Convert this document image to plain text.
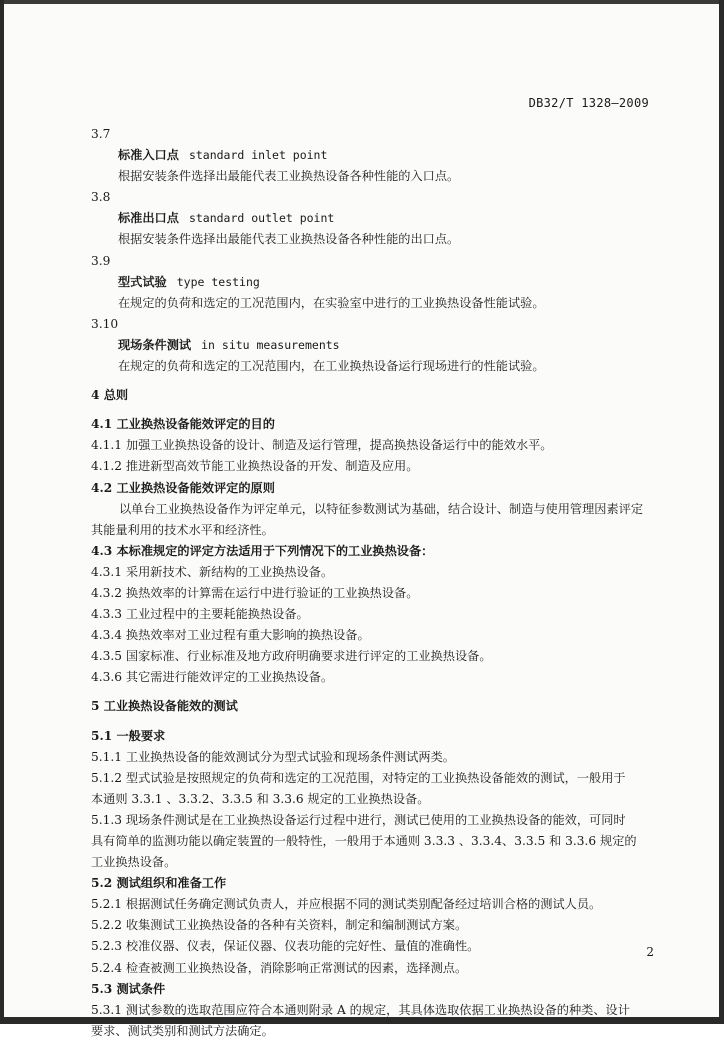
DB32/T 1328—2009
3.7
标准入口点 standard inlet point
根据安装条件选择出最能代表工业换热设备各种性能的入口点。
3.8
标准出口点 standard outlet point
根据安装条件选择出最能代表工业换热设备各种性能的出口点。
3.9
型式试验 type testing
在规定的负荷和选定的工况范围内，在实验室中进行的工业换热设备性能试验。
3.10
现场条件测试 in situ measurements
在规定的负荷和选定的工况范围内，在工业换热设备运行现场进行的性能试验。
4 总则
4.1 工业换热设备能效评定的目的
4.1.1 加强工业换热设备的设计、制造及运行管理，提高换热设备运行中的能效水平。
4.1.2 推进新型高效节能工业换热设备的开发、制造及应用。
4.2 工业换热设备能效评定的原则
以单台工业换热设备作为评定单元，以特征参数测试为基础，结合设计、制造与使用管理因素评定
其能量利用的技术水平和经济性。
4.3 本标准规定的评定方法适用于下列情况下的工业换热设备：
4.3.1 采用新技术、新结构的工业换热设备。
4.3.2 换热效率的计算需在运行中进行验证的工业换热设备。
4.3.3 工业过程中的主要耗能换热设备。
4.3.4 换热效率对工业过程有重大影响的换热设备。
4.3.5 国家标准、行业标准及地方政府明确要求进行评定的工业换热设备。
4.3.6 其它需进行能效评定的工业换热设备。
5 工业换热设备能效的测试
5.1 一般要求
5.1.1 工业换热设备的能效测试分为型式试验和现场条件测试两类。
5.1.2 型式试验是按照规定的负荷和选定的工况范围，对特定的工业换热设备能效的测试，一般用于
本通则 3.3.1 、3.3.2、3.3.5 和 3.3.6 规定的工业换热设备。
5.1.3 现场条件测试是在工业换热设备运行过程中进行，测试已使用的工业换热设备的能效，可同时
具有简单的监测功能以确定装置的一般特性，一般用于本通则 3.3.3 、3.3.4、3.3.5 和 3.3.6 规定的
工业换热设备。
5.2 测试组织和准备工作
5.2.1 根据测试任务确定测试负责人，并应根据不同的测试类别配备经过培训合格的测试人员。
5.2.2 收集测试工业换热设备的各种有关资料，制定和编制测试方案。
5.2.3 校准仪器、仪表，保证仪器、仪表功能的完好性、量值的准确性。
5.2.4 检查被测工业换热设备，消除影响正常测试的因素，选择测点。
5.3 测试条件
5.3.1 测试参数的选取范围应符合本通则附录 A 的规定，其具体选取依据工业换热设备的种类、设计
要求、测试类别和测试方法确定。
2
